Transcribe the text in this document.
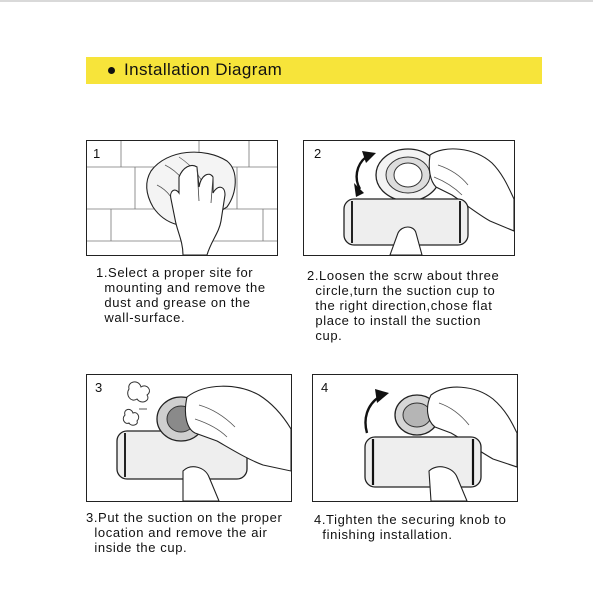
Installation Diagram
1	2
3	4
1.Select a proper site for
mounting and remove the
dust and grease on the
wall-surface.
2.Loosen the scrw about three
circle,turn the suction cup to
the right direction,chose flat
place to install the suction
cup.
3.Put the suction on the proper
location and remove the air
inside the cup.
4.Tighten the securing knob to
finishing installation.
